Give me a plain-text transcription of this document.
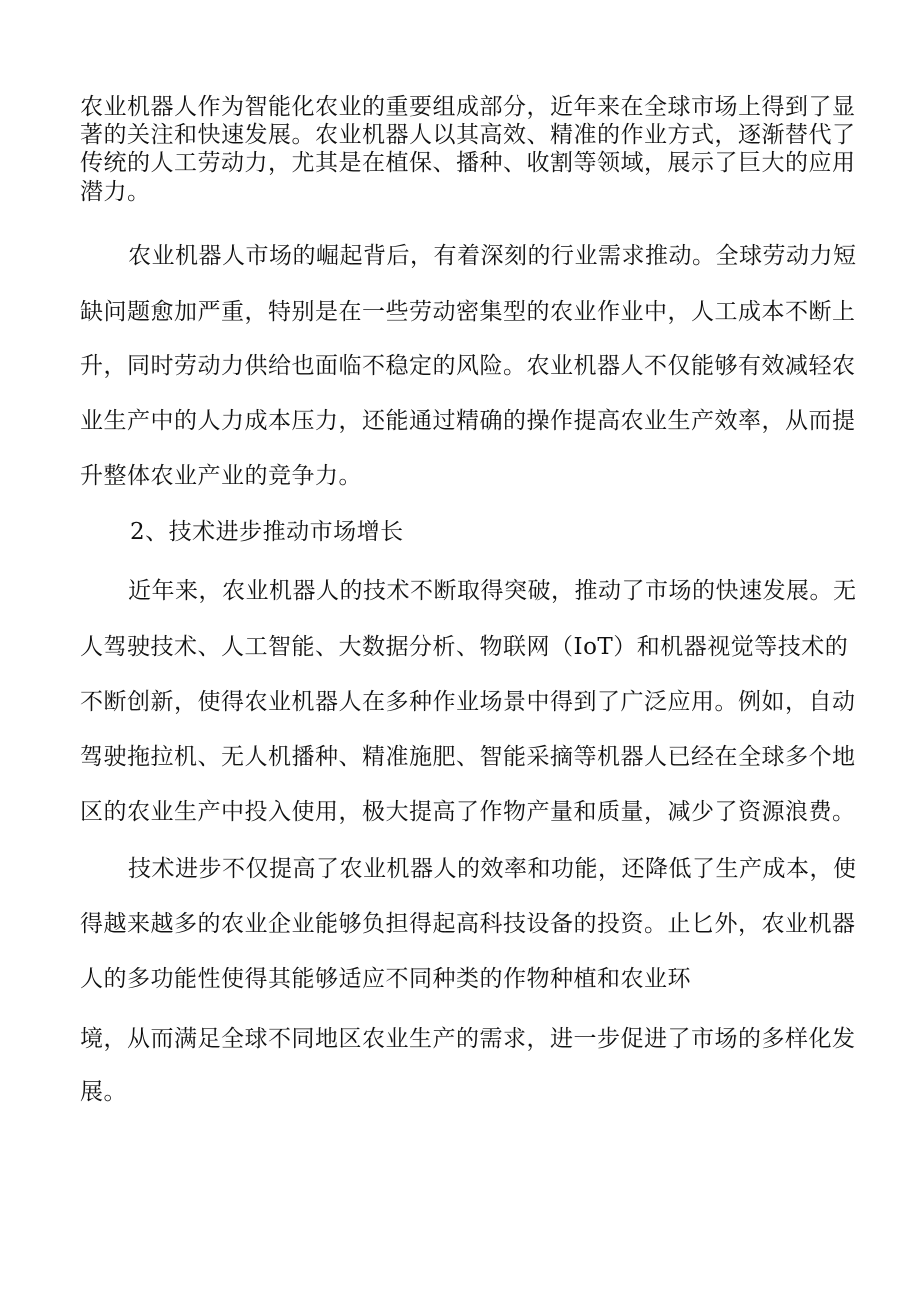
农业机器人作为智能化农业的重要组成部分，近年来在全球市场上得到了显
著的关注和快速发展。农业机器人以其高效、精准的作业方式，逐渐替代了
传统的人工劳动力，尤其是在植保、播种、收割等领域，展示了巨大的应用
潜力。
农业机器人市场的崛起背后，有着深刻的行业需求推动。全球劳动力短
缺问题愈加严重，特别是在一些劳动密集型的农业作业中，人工成本不断上
升，同时劳动力供给也面临不稳定的风险。农业机器人不仅能够有效减轻农
业生产中的人力成本压力，还能通过精确的操作提高农业生产效率，从而提
升整体农业产业的竞争力。
2、技术进步推动市场增长
近年来，农业机器人的技术不断取得突破，推动了市场的快速发展。无
人驾驶技术、人工智能、大数据分析、物联网（IoT）和机器视觉等技术的
不断创新，使得农业机器人在多种作业场景中得到了广泛应用。例如，自动
驾驶拖拉机、无人机播种、精准施肥、智能采摘等机器人已经在全球多个地
区的农业生产中投入使用，极大提高了作物产量和质量，减少了资源浪费。
技术进步不仅提高了农业机器人的效率和功能，还降低了生产成本，使
得越来越多的农业企业能够负担得起高科技设备的投资。止匕外，农业机器
人的多功能性使得其能够适应不同种类的作物种植和农业环
境，从而满足全球不同地区农业生产的需求，进一步促进了市场的多样化发
展。
